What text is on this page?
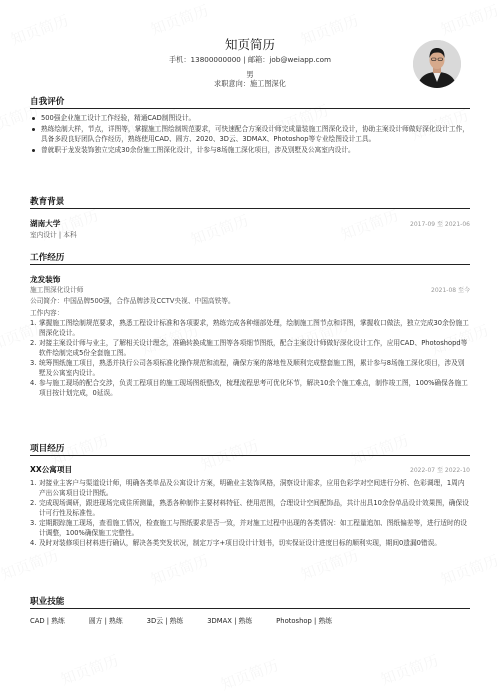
知页简历
手机：13800000000 | 邮箱：job@weiapp.com
男
求职意向：施工图深化
自我评价
500强企业施工设计工作经验，精通CAD制图设计。
熟练绘制大样，节点，详图等，掌握施工图绘制规范要求，可快速配合方案设计师完成量装施工图深化设计，协助主案设计师做好深化设计工作，具备多段良好团队合作经历，熟练使用CAD、圆方、2020、3D云、3DMAX、Photoshop等专业绘图设计工具。
曾就职于龙发装饰独立完成30余份施工图深化设计，计参与8场施工深化项目，涉及别墅及公寓室内设计。
教育背景
湖南大学	2017-09 至 2021-06
室内设计 | 本科
工作经历
龙发装饰
施工图深化设计师	2021-08 至今
公司简介：中国品牌500强，合作品牌涉及CCTV央视、中国高铁等。
工作内容：
1. 掌握施工图绘制规范要求，熟悉工程设计标准和各项要求，熟练完成各种细部处理，绘制施工图节点和详图，掌握收口做法，独立完成30余份施工图深化设计。
2. 对接主案设计师与业主，了解相关设计理念，准确转换成施工图等各项细节图纸，配合主案设计师做好深化设计工作，应用CAD、Photoshopd等软件绘制完成5份全套施工图。
3. 统筹图纸施工项目，熟悉并执行公司各项标准化操作规范和流程，确保方案的落地性及顺利完成整套施工图，累计参与8场施工深化项目，涉及别墅及公寓室内设计。
4. 参与施工现场的配合交涉，负责工程项目的施工现场图纸整改，梳理流程思考可优化环节，解决10余个施工难点，制作竣工图，100%确保各施工项目按计划完成，0延误。
项目经历
XX公寓项目	2022-07 至 2022-10
1. 对接业主客户与渠道设计师，明确各类单品及公寓设计方案，明确业主装饰风格，洞察设计需求，应用色彩学对空间进行分析、色彩调理，1周内产出公寓项目设计图纸。
2. 完成现场调研，跟进现场完成住所测量，熟悉各种制作主要材料特征、使用范围，合理设计空间配饰品，共计出具10余份单品设计效果图，确保设计可行性及标准性。
3. 定期跟踪施工现场，查看施工情况，检查施工与图纸要求是否一致，并对施工过程中出现的各类情况：如工程量追加、图纸偏差等，进行适时的设计调整，100%确保施工完整性。
4. 及时对装修项目材料进行确认，解决各类突发状况，制定万字+项目设计计划书，切实保证设计进度目标的顺利实现，期间0遗漏0错误。
职业技能
CAD | 熟练	圆方 | 熟练	3D云 | 熟练	3DMAX | 熟练	Photoshop | 熟练
